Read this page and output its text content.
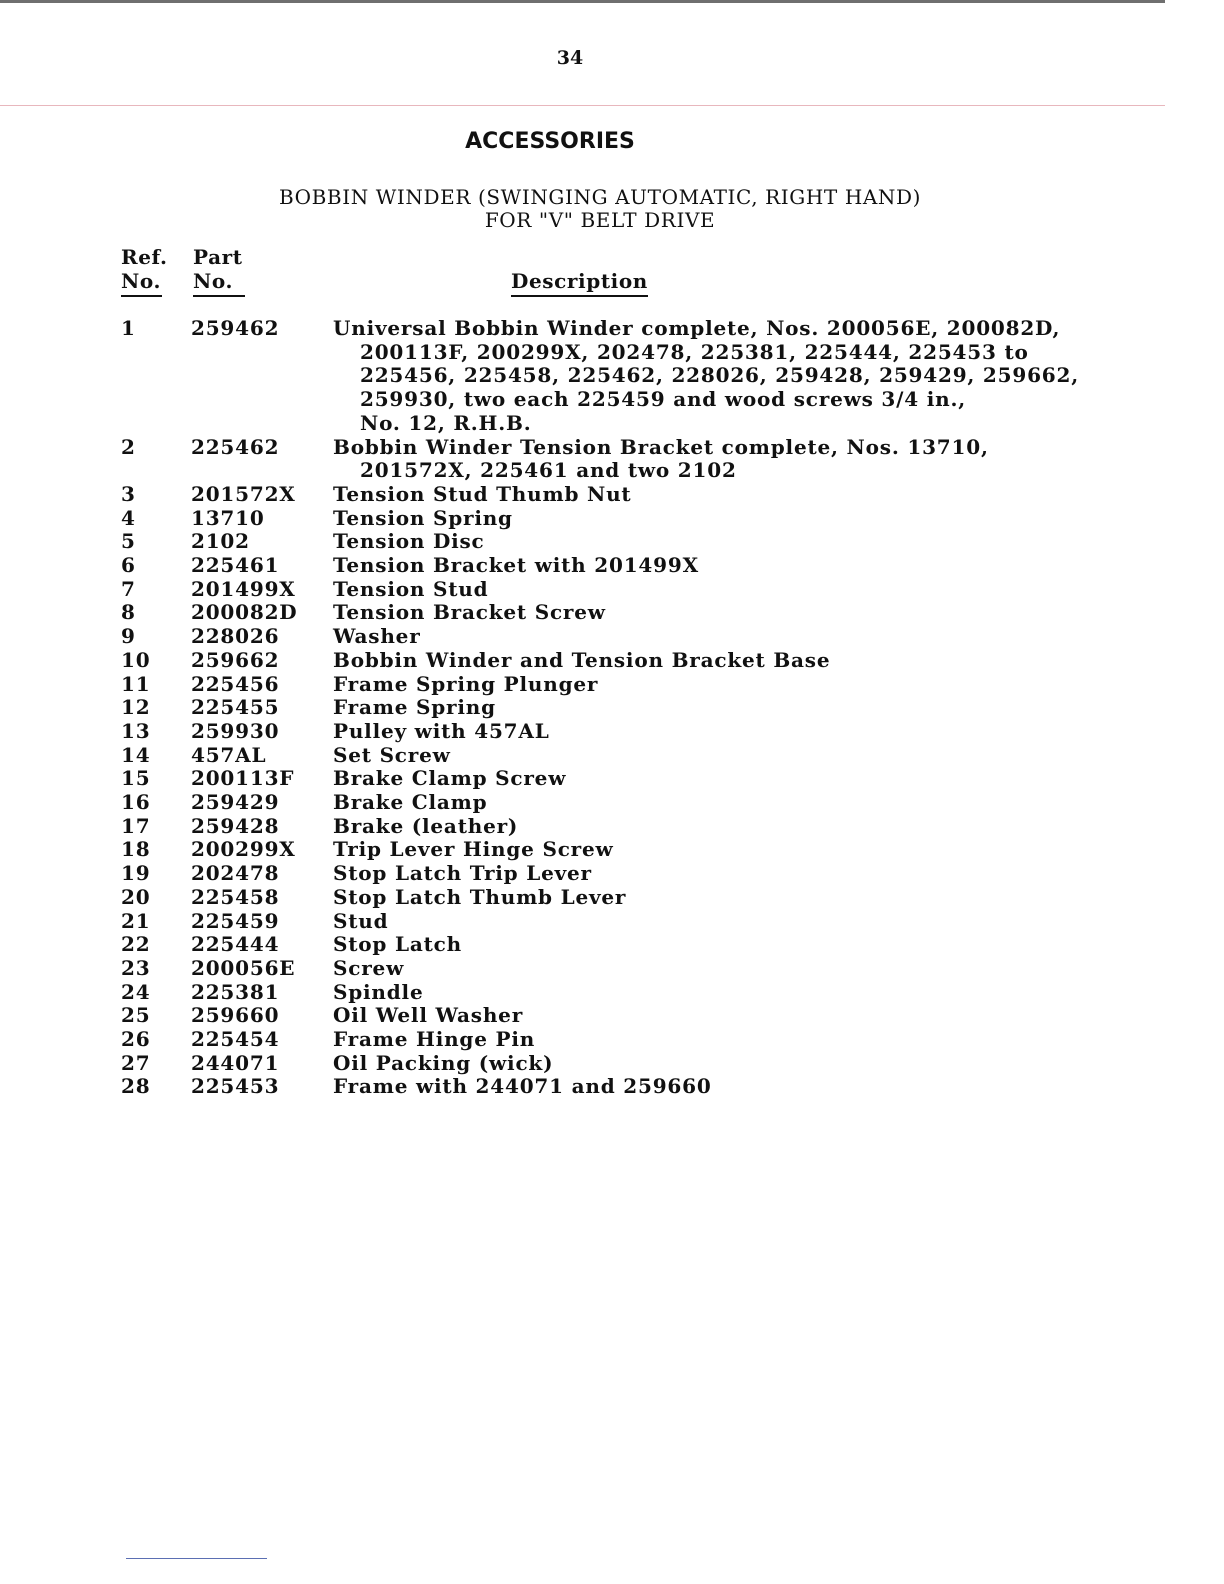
34
ACCESSORIES
BOBBIN WINDER (SWINGING AUTOMATIC, RIGHT HAND)
FOR "V" BELT DRIVE
Ref.
No.
Part
No.	Description
1	259462	Universal Bobbin Winder complete, Nos. 200056E, 200082D,
200113F, 200299X, 202478, 225381, 225444, 225453 to
225456, 225458, 225462, 228026, 259428, 259429, 259662,
259930, two each 225459 and wood screws 3/4 in.,
No. 12, R.H.B.
2	225462	Bobbin Winder Tension Bracket complete, Nos. 13710,
201572X, 225461 and two 2102
3	201572X Tension Stud Thumb Nut
4	13710	Tension Spring
5	2102	Tension Disc
6	225461	Tension Bracket with 201499X
7	201499X Tension Stud
8	200082D Tension Bracket Screw
9	228026	Washer
10 259662	Bobbin Winder and Tension Bracket Base
11 225456	Frame Spring Plunger
12 225455	Frame Spring
13 259930	Pulley with 457AL
14 457AL	Set Screw
15 200113F Brake Clamp Screw
16 259429	Brake Clamp
17 259428	Brake (leather)
18 200299X Trip Lever Hinge Screw
19 202478	Stop Latch Trip Lever
20 225458	Stop Latch Thumb Lever
21 225459	Stud
22 225444	Stop Latch
23 200056E Screw
24 225381	Spindle
25 259660	Oil Well Washer
26 225454	Frame Hinge Pin
27 244071	Oil Packing (wick)
28 225453	Frame with 244071 and 259660
